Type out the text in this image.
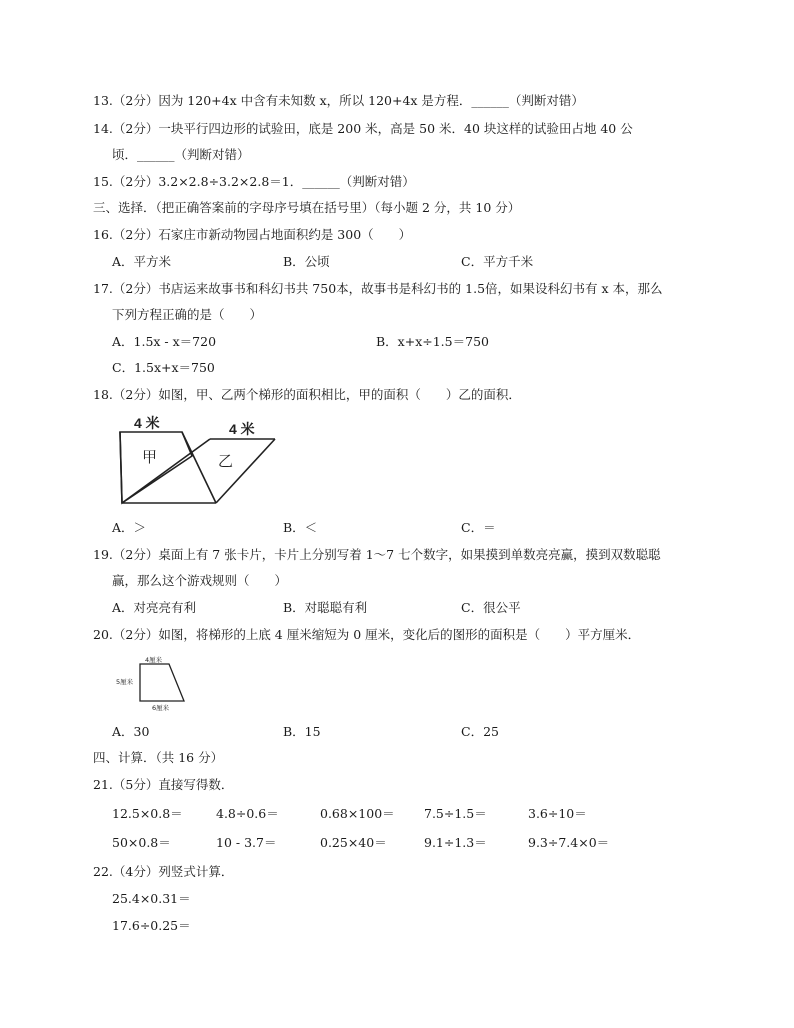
13.（2分）因为 120+4x 中含有未知数 x，所以 120+4x 是方程．______（判断对错）
14.（2分）一块平行四边形的试验田，底是 200 米，高是 50 米．40 块这样的试验田占地 40 公
顷．______（判断对错）
15.（2分）3.2×2.8÷3.2×2.8＝1．______（判断对错）
三、选择．（把正确答案前的字母序号填在括号里）（每小题 2 分，共 10 分）
16.（2分）石家庄市新动物园占地面积约是 300（　　）
A．平方米	B．公顷	C．平方千米
17.（2分）书店运来故事书和科幻书共 750本，故事书是科幻书的 1.5倍，如果设科幻书有 x 本，那么
下列方程正确的是（　　）
A．1.5x - x＝720	B．x+x÷1.5＝750
C．1.5x+x＝750
18.（2分）如图，甲、乙两个梯形的面积相比，甲的面积（　　）乙的面积．
4 米	4 米
甲	乙
A．＞	B．＜	C．＝
19.（2分）桌面上有 7 张卡片，卡片上分别写着 1～7 七个数字，如果摸到单数亮亮赢，摸到双数聪聪
赢，那么这个游戏规则（　　）
A．对亮亮有利	B．对聪聪有利	C．很公平
20.（2分）如图，将梯形的上底 4 厘米缩短为 0 厘米，变化后的图形的面积是（　　）平方厘米．
4厘米
5厘米
6厘米
A．30	B．15	C．25
四、计算．（共 16 分）
21.（5分）直接写得数．
12.5×0.8＝	4.8÷0.6＝	0.68×100＝ 7.5÷1.5＝	3.6÷10＝
50×0.8＝	10 - 3.7＝	0.25×40＝	9.1÷1.3＝	9.3÷7.4×0＝
22.（4分）列竖式计算．
25.4×0.31＝
17.6÷0.25＝
